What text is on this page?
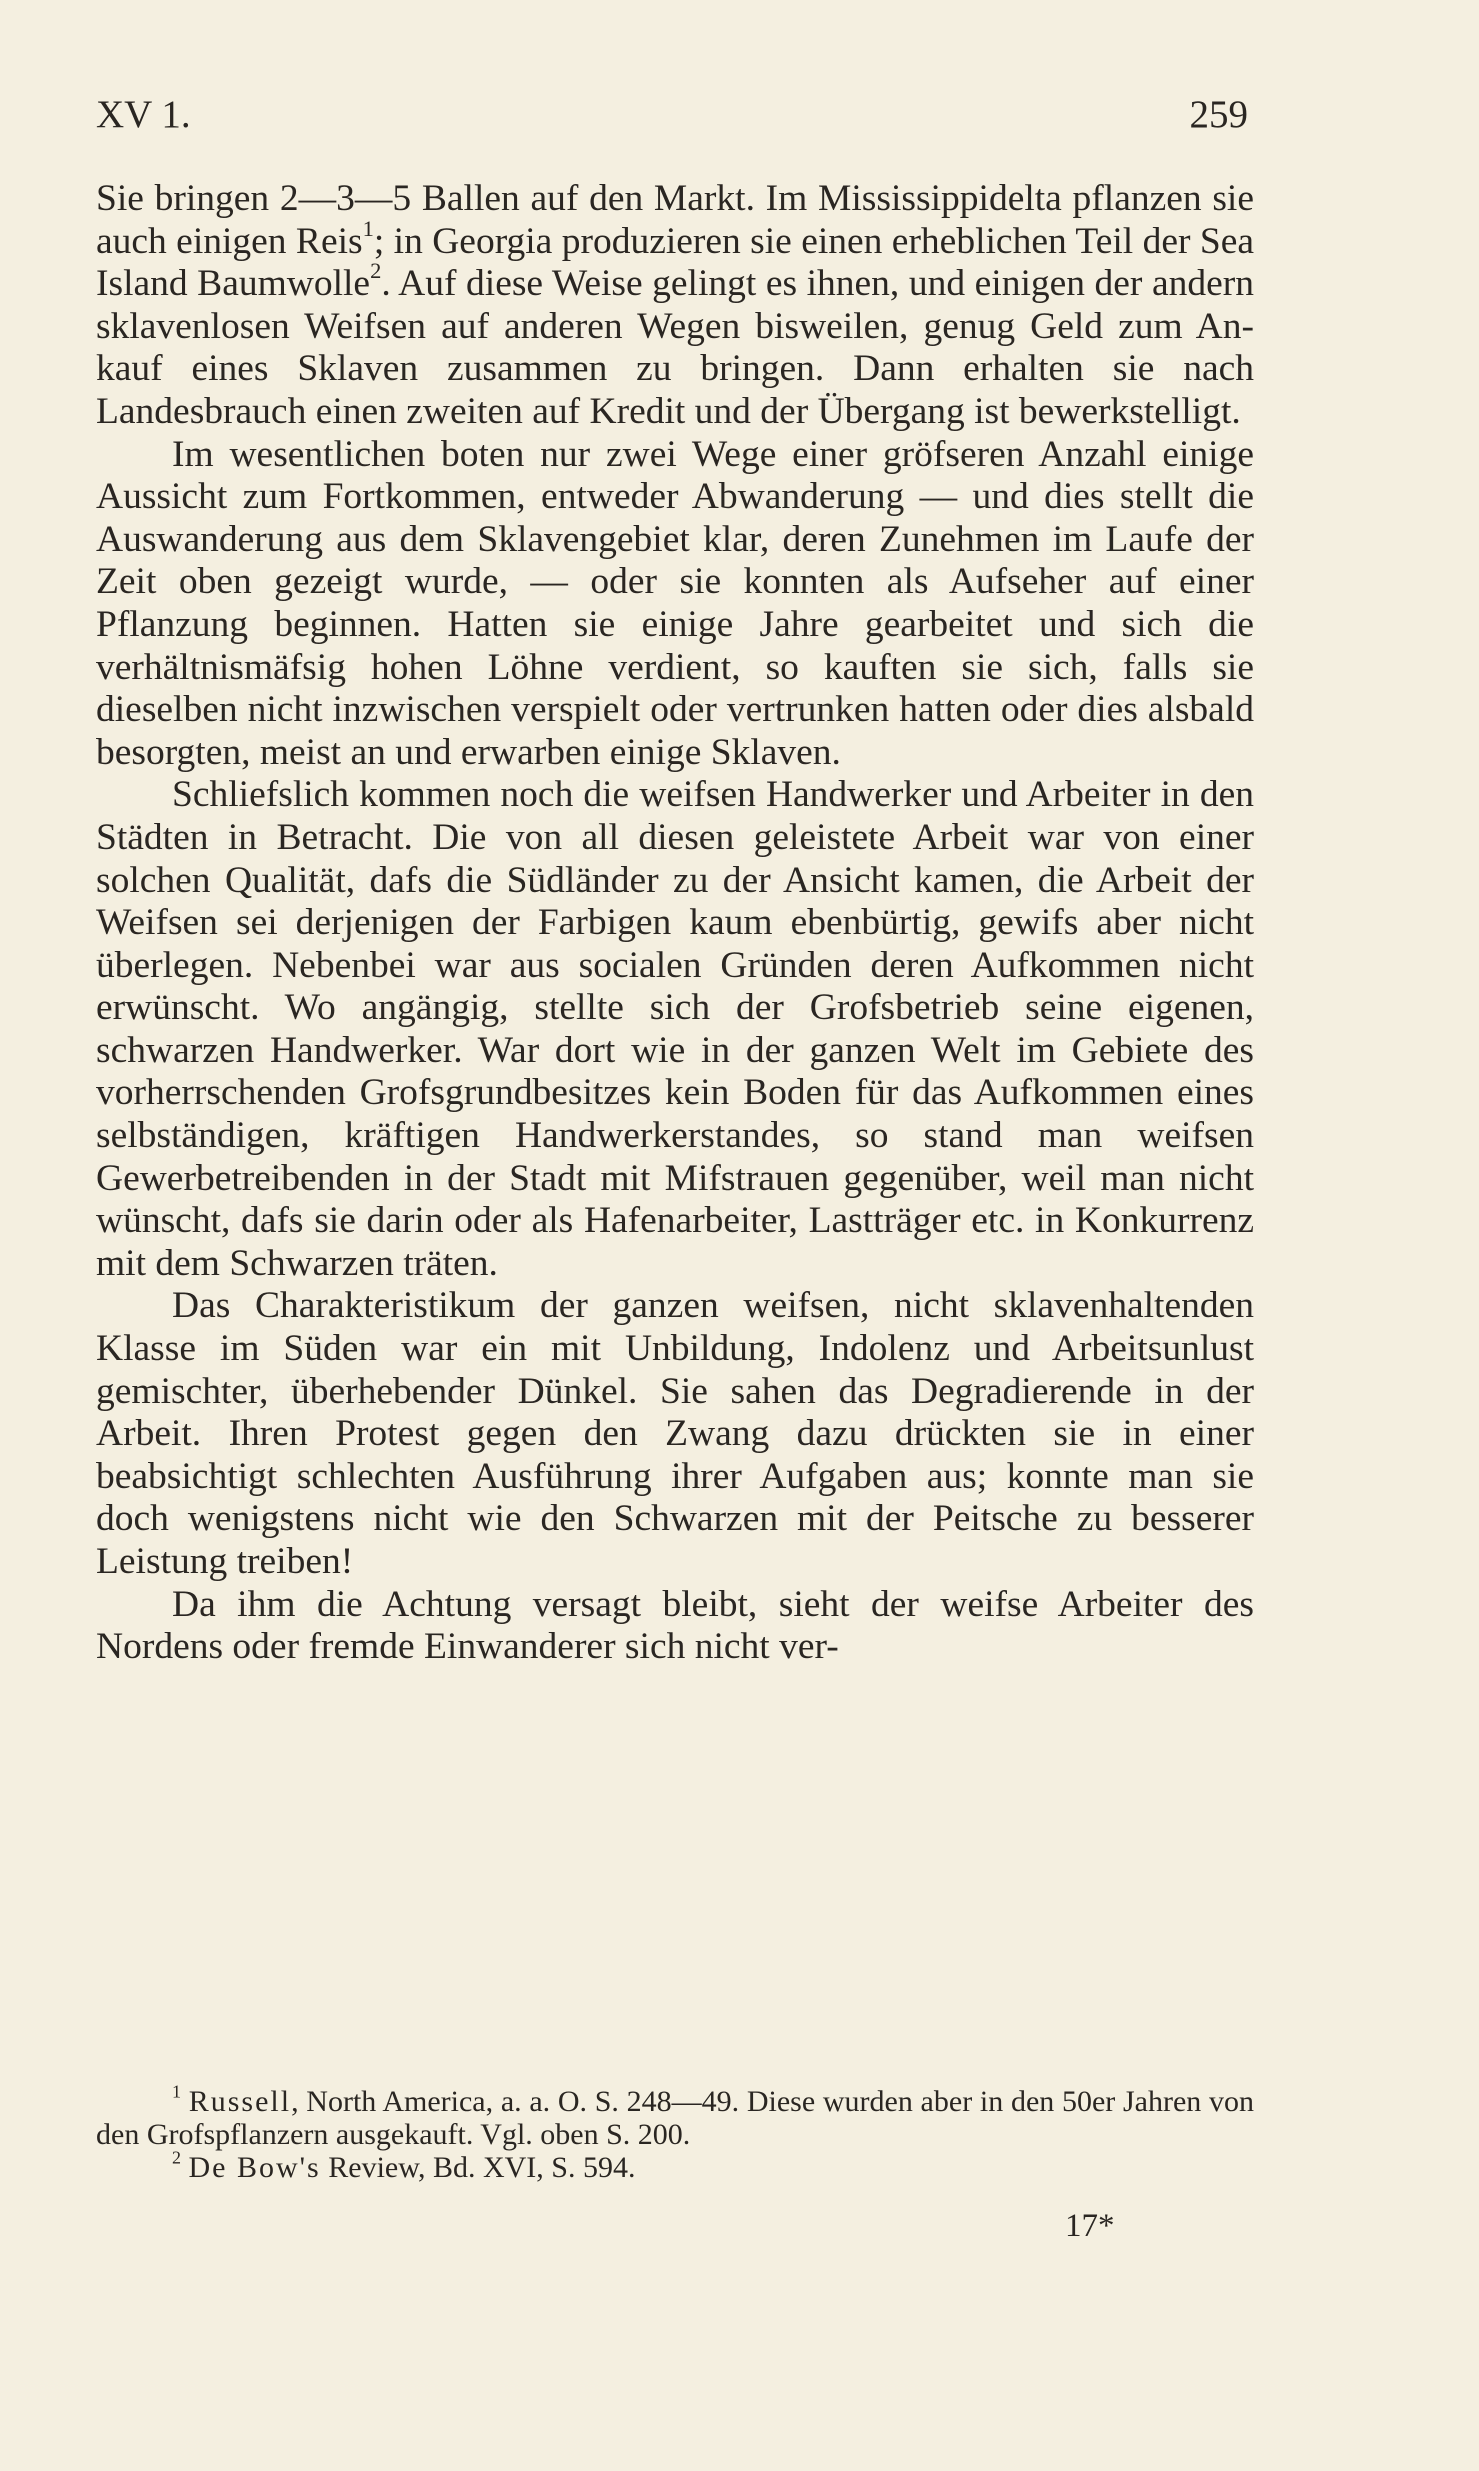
XV 1.	259

Sie bringen 2—3—5 Ballen auf den Markt. Im Mississippidelta pflanzen sie auch einigen Reis$^1$; in Georgia produzieren sie einen erheblichen Teil der Sea Island Baumwolle$^2$. Auf diese Weise gelingt es ihnen, und einigen der andern sklavenlosen Weifsen auf anderen Wegen bisweilen, genug Geld zum Ankauf eines Sklaven zusammen zu bringen. Dann erhalten sie nach Landesbrauch einen zweiten auf Kredit und der Übergang ist bewerkstelligt.

Im wesentlichen boten nur zwei Wege einer gröfseren Anzahl einige Aussicht zum Fortkommen, entweder Abwanderung — und dies stellt die Auswanderung aus dem Sklavengebiet klar, deren Zunehmen im Laufe der Zeit oben gezeigt wurde, — oder sie konnten als Aufseher auf einer Pflanzung beginnen. Hatten sie einige Jahre gearbeitet und sich die verhältnismäfsig hohen Löhne verdient, so kauften sie sich, falls sie dieselben nicht inzwischen verspielt oder vertrunken hatten oder dies alsbald besorgten, meist an und erwarben einige Sklaven.

Schliefslich kommen noch die weifsen Handwerker und Arbeiter in den Städten in Betracht. Die von all diesen geleistete Arbeit war von einer solchen Qualität, dafs die Südländer zu der Ansicht kamen, die Arbeit der Weifsen sei derjenigen der Farbigen kaum ebenbürtig, gewifs aber nicht überlegen. Nebenbei war aus socialen Gründen deren Aufkommen nicht erwünscht. Wo angängig, stellte sich der Grofsbetrieb seine eigenen, schwarzen Handwerker. War dort wie in der ganzen Welt im Gebiete des vorherrschenden Grofsgrundbesitzes kein Boden für das Aufkommen eines selbständigen, kräftigen Handwerkerstandes, so stand man weifsen Gewerbetreibenden in der Stadt mit Mifstrauen gegenüber, weil man nicht wünscht, dafs sie darin oder als Hafenarbeiter, Lastträger etc. in Konkurrenz mit dem Schwarzen träten.

Das Charakteristikum der ganzen weifsen, nicht sklavenhaltenden Klasse im Süden war ein mit Unbildung, Indolenz und Arbeitsunlust gemischter, überhebender Dünkel. Sie sahen das Degradierende in der Arbeit. Ihren Protest gegen den Zwang dazu drückten sie in einer beabsichtigt schlechten Ausführung ihrer Aufgaben aus; konnte man sie doch wenigstens nicht wie den Schwarzen mit der Peitsche zu besserer Leistung treiben!

Da ihm die Achtung versagt bleibt, sieht der weifse Arbeiter des Nordens oder fremde Einwanderer sich nicht ver-

$^1$ Russell, North America, a. a. O. S. 248—49. Diese wurden aber in den 50er Jahren von den Grofspflanzern ausgekauft. Vgl. oben S. 200.

$^2$ De Bow's Review, Bd. XVI, S. 594.

17*
